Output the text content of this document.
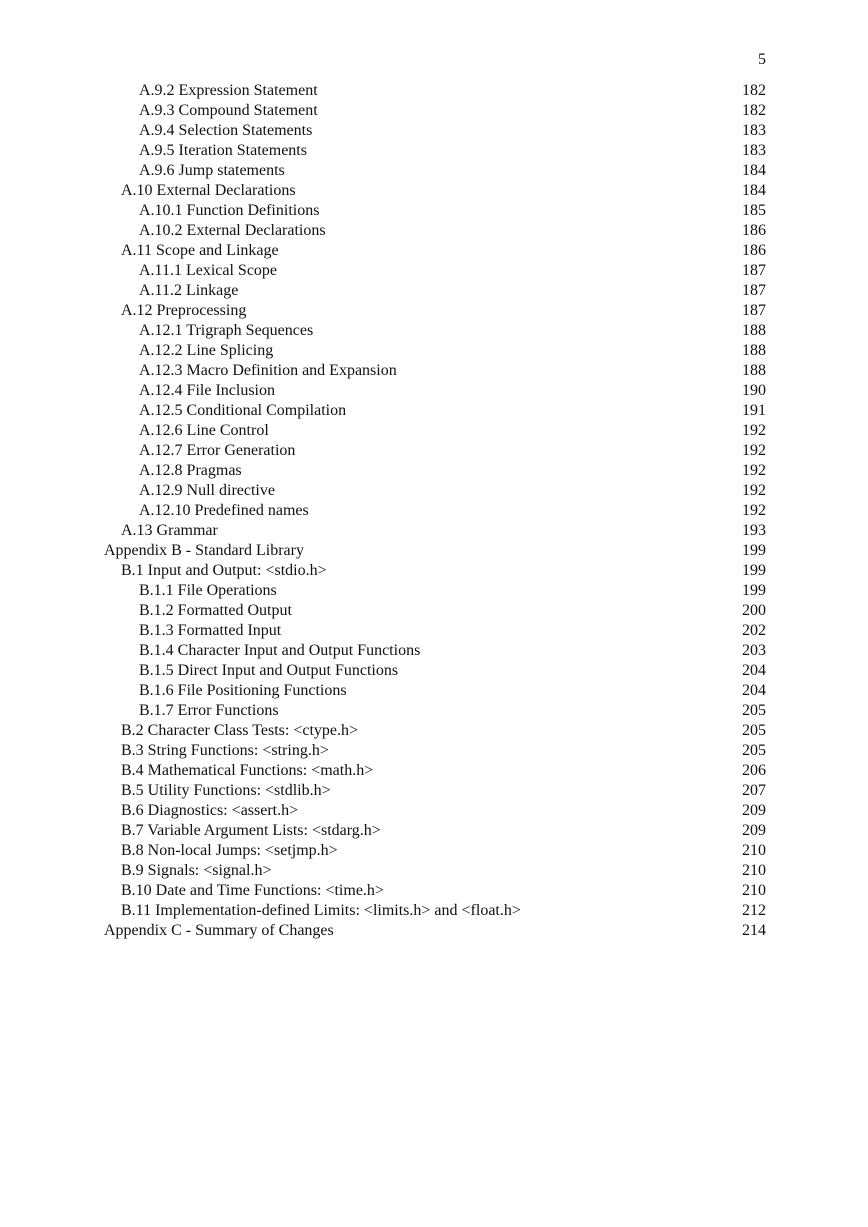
5
A.9.2 Expression Statement	182
A.9.3 Compound Statement	182
A.9.4 Selection Statements	183
A.9.5 Iteration Statements	183
A.9.6 Jump statements	184
A.10 External Declarations	184
A.10.1 Function Definitions	185
A.10.2 External Declarations	186
A.11 Scope and Linkage	186
A.11.1 Lexical Scope	187
A.11.2 Linkage	187
A.12 Preprocessing	187
A.12.1 Trigraph Sequences	188
A.12.2 Line Splicing	188
A.12.3 Macro Definition and Expansion	188
A.12.4 File Inclusion	190
A.12.5 Conditional Compilation	191
A.12.6 Line Control	192
A.12.7 Error Generation	192
A.12.8 Pragmas	192
A.12.9 Null directive	192
A.12.10 Predefined names	192
A.13 Grammar	193
Appendix B - Standard Library	199
B.1 Input and Output: <stdio.h>	199
B.1.1 File Operations	199
B.1.2 Formatted Output	200
B.1.3 Formatted Input	202
B.1.4 Character Input and Output Functions	203
B.1.5 Direct Input and Output Functions	204
B.1.6 File Positioning Functions	204
B.1.7 Error Functions	205
B.2 Character Class Tests: <ctype.h>	205
B.3 String Functions: <string.h>	205
B.4 Mathematical Functions: <math.h>	206
B.5 Utility Functions: <stdlib.h>	207
B.6 Diagnostics: <assert.h>	209
B.7 Variable Argument Lists: <stdarg.h>	209
B.8 Non-local Jumps: <setjmp.h>	210
B.9 Signals: <signal.h>	210
B.10 Date and Time Functions: <time.h>	210
B.11 Implementation-defined Limits: <limits.h> and <float.h>	212
Appendix C - Summary of Changes	214
